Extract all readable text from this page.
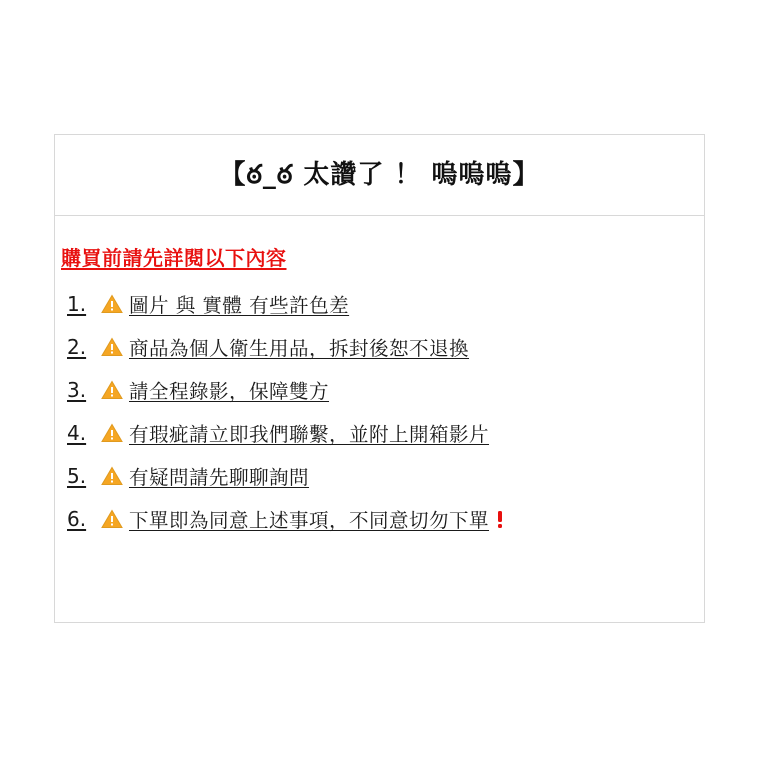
【ఠ_ఠ 太讚了 ！ 嗚嗚嗚】
購買前請先詳閱以下內容
1.	圖片 與 實體 有些許色差
2.	商品為個人衛生用品，拆封後恕不退換
3.	請全程錄影，保障雙方
4.	有瑕疵請立即我們聯繫，並附上開箱影片
5.	有疑問請先聊聊詢問
6.	下單即為同意上述事項，不同意切勿下單
